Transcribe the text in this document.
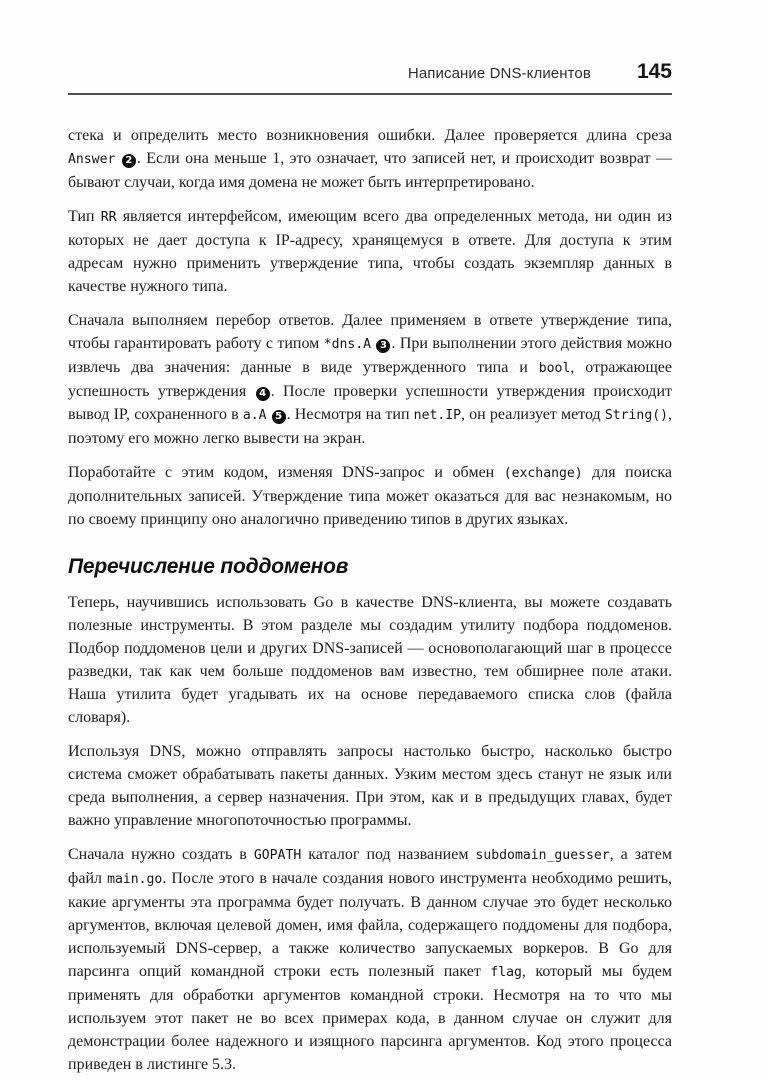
Написание DNS-клиентов 145

стека и определить место возникновения ошибки. Далее проверяется длина среза Answer 2 . Если она меньше 1, это означает, что записей нет, и происходит возврат — бывают случаи, когда имя домена не может быть интерпретировано.

Тип RR является интерфейсом, имеющим всего два определенных метода, ни один из которых не дает доступа к IP-адресу, хранящемуся в ответе. Для доступа к этим адресам нужно применить утверждение типа, чтобы создать экземпляр данных в качестве нужного типа.

Сначала выполняем перебор ответов. Далее применяем в ответе утверждение типа, чтобы гарантировать работу с типом *dns.A 3 . При выполнении этого действия можно извлечь два значения: данные в виде утвержденного типа и bool, отражающее успешность утверждения 4 . После проверки успешности утверждения происходит вывод IP, сохраненного в a.A 5 . Несмотря на тип net.IP, он реализует метод String(), поэтому его можно легко вывести на экран.

Поработайте с этим кодом, изменяя DNS-запрос и обмен (exchange) для поиска дополнительных записей. Утверждение типа может оказаться для вас незнакомым, но по своему принципу оно аналогично приведению типов в других языках.

Перечисление поддоменов

Теперь, научившись использовать Go в качестве DNS-клиента, вы можете создавать полезные инструменты. В этом разделе мы создадим утилиту подбора поддоменов. Подбор поддоменов цели и других DNS-записей — основополагающий шаг в процессе разведки, так как чем больше поддоменов вам известно, тем обширнее поле атаки. Наша утилита будет угадывать их на основе передаваемого списка слов (файла словаря).

Используя DNS, можно отправлять запросы настолько быстро, насколько быстро система сможет обрабатывать пакеты данных. Узким местом здесь станут не язык или среда выполнения, а сервер назначения. При этом, как и в предыдущих главах, будет важно управление многопоточностью программы.

Сначала нужно создать в GOPATH каталог под названием subdomain_guesser, а затем файл main.go. После этого в начале создания нового инструмента необходимо решить, какие аргументы эта программа будет получать. В данном случае это будет несколько аргументов, включая целевой домен, имя файла, содержащего поддомены для подбора, используемый DNS-сервер, а также количество запускаемых воркеров. В Go для парсинга опций командной строки есть полезный пакет flag, который мы будем применять для обработки аргументов командной строки. Несмотря на то что мы используем этот пакет не во всех примерах кода, в данном случае он служит для демонстрации более надежного и изящного парсинга аргументов. Код этого процесса приведен в листинге 5.3.
